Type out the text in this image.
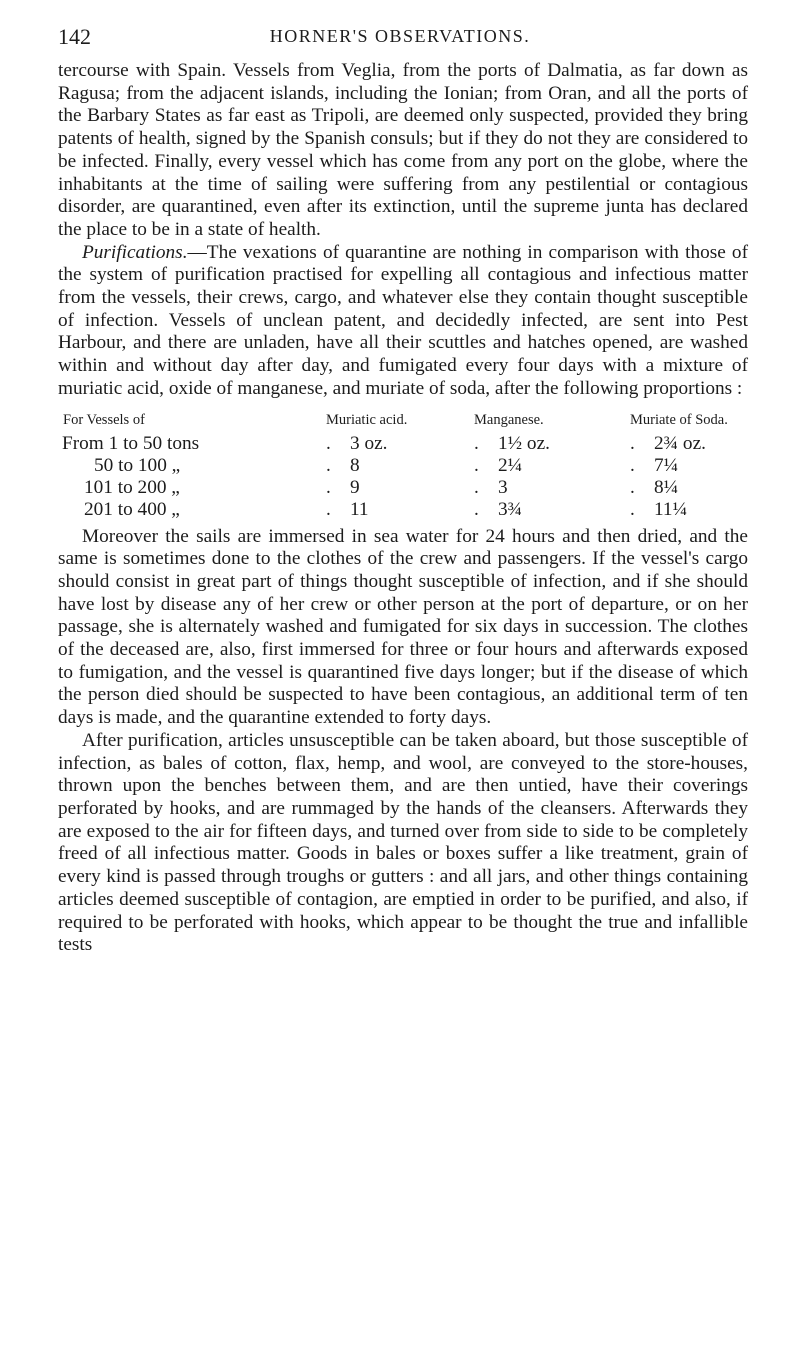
142	HORNER'S OBSERVATIONS.

tercourse with Spain. Vessels from Veglia, from the ports of Dalmatia, as far down as Ragusa; from the adjacent islands, including the Ionian; from Oran, and all the ports of the Barbary States as far east as Tripoli, are deemed only suspected, provided they bring patents of health, signed by the Spanish consuls; but if they do not they are considered to be infected. Finally, every vessel which has come from any port on the globe, where the inhabitants at the time of sailing were suffering from any pestilential or contagious disorder, are quarantined, even after its extinction, until the supreme junta has declared the place to be in a state of health.

Purifications.—The vexations of quarantine are nothing in comparison with those of the system of purification practised for expelling all contagious and infectious matter from the vessels, their crews, cargo, and whatever else they contain thought susceptible of infection. Vessels of unclean patent, and decidedly infected, are sent into Pest Harbour, and there are unladen, have all their scuttles and hatches opened, are washed within and without day after day, and fumigated every four days with a mixture of muriatic acid, oxide of manganese, and muriate of soda, after the following proportions :

For Vessels of	Muriatic acid.	Manganese.	Muriate of Soda.
From 1 to 50 tons	. 3 oz.	. 1½ oz.	. 2¾ oz.
50 to 100 „	. 8	. 2¼	. 7¼
101 to 200 „	. 9	. 3	. 8¼
201 to 400 „	. 11	. 3¾	. 11¼

Moreover the sails are immersed in sea water for 24 hours and then dried, and the same is sometimes done to the clothes of the crew and passengers. If the vessel's cargo should consist in great part of things thought susceptible of infection, and if she should have lost by disease any of her crew or other person at the port of departure, or on her passage, she is alternately washed and fumigated for six days in succession. The clothes of the deceased are, also, first immersed for three or four hours and afterwards exposed to fumigation, and the vessel is quarantined five days longer; but if the disease of which the person died should be suspected to have been contagious, an additional term of ten days is made, and the quarantine extended to forty days.

After purification, articles unsusceptible can be taken aboard, but those susceptible of infection, as bales of cotton, flax, hemp, and wool, are conveyed to the store-houses, thrown upon the benches between them, and are then untied, have their coverings perforated by hooks, and are rummaged by the hands of the cleansers. Afterwards they are exposed to the air for fifteen days, and turned over from side to side to be completely freed of all infectious matter. Goods in bales or boxes suffer a like treatment, grain of every kind is passed through troughs or gutters : and all jars, and other things containing articles deemed susceptible of contagion, are emptied in order to be purified, and also, if required to be perforated with hooks, which appear to be thought the true and infallible tests
